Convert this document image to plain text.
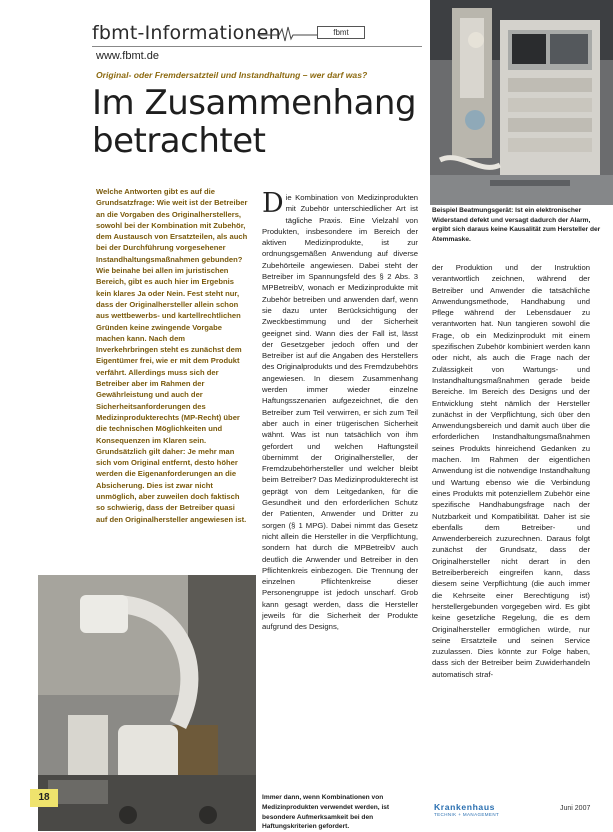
fbmt-Informationen	fbmt
www.fbmt.de
Original- oder Fremdersatzteil und Instandhaltung – wer darf was?
Im Zusammenhang
betrachtet
Beispiel Beatmungsgerät: Ist ein elektronischer Widerstand defekt und versagt dadurch der Alarm, ergibt sich daraus keine Kausalität zum Hersteller der Atemmaske.
Welche Antworten gibt es auf die Grundsatzfrage: Wie weit ist der Betreiber an die Vorgaben des Originalherstellers, sowohl bei der Kombination mit Zubehör, dem Austausch von Ersatzteilen, als auch bei der Durchführung vorgesehener Instandhaltungsmaßnahmen gebunden? Wie beinahe bei allen im juristischen Bereich, gibt es auch hier im Ergebnis kein klares Ja oder Nein. Fest steht nur, dass der Originalhersteller allein schon aus wettbewerbs- und kartellrechtlichen Gründen keine zwingende Vorgabe machen kann. Nach dem Inverkehrbringen steht es zunächst dem Eigentümer frei, wie er mit dem Produkt verfährt. Allerdings muss sich der Betreiber aber im Rahmen der Gewährleistung und auch der Sicherheitsanforderungen des Medizinprodukterechts (MP-Recht) über die technischen Möglichkeiten und Konsequenzen im Klaren sein. Grundsätzlich gilt daher: Je mehr man sich vom Original entfernt, desto höher werden die Eigenanforderungen an die Absicherung. Dies ist zwar nicht unmöglich, aber zuweilen doch faktisch so schwierig, dass der Betreiber quasi auf den Originalhersteller angewiesen ist.
Die Kombination von Medizinprodukten mit Zubehör unterschiedlicher Art ist tägliche Praxis. Eine Vielzahl von Produkten, insbesondere im Bereich der aktiven Medizinprodukte, ist zur ordnungsgemäßen Anwendung auf diverse Zubehörteile angewiesen. Dabei steht der Betreiber im Spannungsfeld des § 2 Abs. 3 MPBetreibV, wonach er Medizinprodukte mit Zubehör betreiben und anwenden darf, wenn sie dazu unter Berücksichtigung der Zweckbestimmung und der Sicherheit geeignet sind. Wann dies der Fall ist, lässt der Gesetzgeber jedoch offen und der Betreiber ist auf die Angaben des Herstellers des Originalprodukts und des Fremdzubehörs angewiesen. In diesem Zusammenhang werden immer wieder einzelne Haftungsszenarien aufgezeichnet, die den Betreiber zum Teil verwirren, er sich zum Teil aber auch in einer trügerischen Sicherheit wähnt. Was ist nun tatsächlich von ihm gefordert und welchen Haftungsteil übernimmt der Originalhersteller, der Fremdzubehörhersteller und welcher bleibt beim Betreiber? Das Medizinprodukterecht ist geprägt von dem Leitgedanken, für die Gesundheit und den erforderlichen Schutz der Patienten, Anwender und Dritter zu sorgen (§ 1 MPG). Dabei nimmt das Gesetz nicht allein die Hersteller in die Verpflichtung, sondern hat durch die MPBetreibV auch deutlich die Anwender und Betreiber in den Pflichtenkreis einbezogen. Die Trennung der einzelnen Pflichtenkreise dieser Personengruppe ist jedoch unscharf. Grob kann gesagt werden, dass die Hersteller jeweils für die Sicherheit der Produkte aufgrund des Designs,
der Produktion und der Instruktion verantwortlich zeichnen, während der Betreiber und Anwender die tatsächliche Anwendungsmethode, Handhabung und Pflege während der Lebensdauer zu verantworten hat. Nun tangieren sowohl die Frage, ob ein Medizinprodukt mit einem spezifischen Zubehör kombiniert werden kann oder nicht, als auch die Frage nach der Zulässigkeit von Wartungs- und Instandhaltungsmaßnahmen gerade beide Bereiche. Im Bereich des Designs und der Entwicklung steht nämlich der Hersteller zunächst in der Verpflichtung, sich über den Anwendungsbereich und damit auch über die erforderlichen Instandhaltungsmaßnahmen seines Produkts hinreichend Gedanken zu machen. Im Rahmen der eigentlichen Anwendung ist die notwendige Instandhaltung und Wartung ebenso wie die Verbindung eines Produkts mit potenziellem Zubehör eine spezifische Handhabungsfrage nach der Nutzbarkeit und Kompatibilität. Daher ist sie ebenfalls dem Betreiber- und Anwenderbereich zuzurechnen. Daraus folgt zunächst der Grundsatz, dass der Originalhersteller nicht derart in den Betreiberbereich eingreifen kann, dass diesem seine Verpflichtung (die auch immer die Kehrseite einer Berechtigung ist) herstellergebunden vorgegeben wird. Es gibt keine gesetzliche Regelung, die es dem Originalhersteller ermöglichen würde, nur seine Ersatzteile und seinen Service zuzulassen. Dies könnte zur Folge haben, dass sich der Betreiber beim Zuwiderhandeln automatisch straf-
Immer dann, wenn Kombinationen von Medizinprodukten verwendet werden, ist besondere Aufmerksamkeit bei den Haftungskriterien gefordert.
18
Krankenhaus
TECHNIK + MANAGEMENT
Juni 2007
